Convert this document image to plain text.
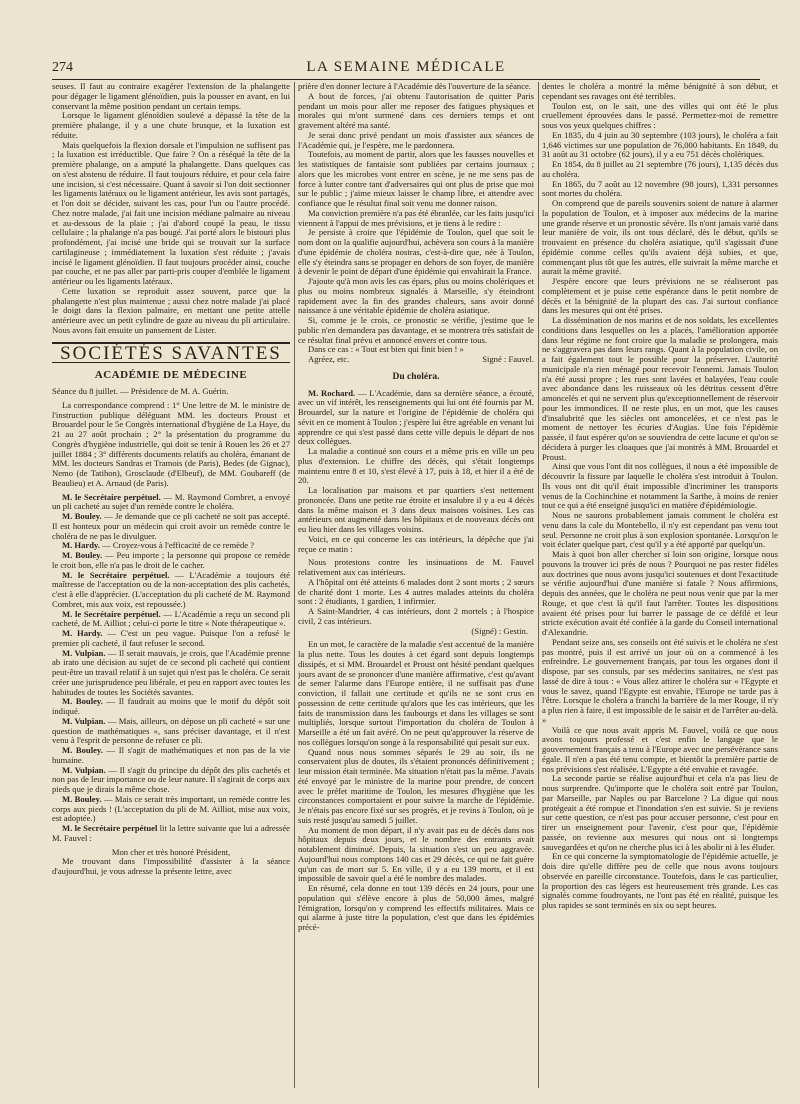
274	LA SEMAINE MÉDICALE

seuses. Il faut au contraire exagérer l'extension de la phalangette pour dégager le ligament glénoïdien, puis la pousser en avant, en lui conservant la même position pendant un certain temps.

Lorsque le ligament glénoïdien soulevé a dépassé la tête de la première phalange, il y a une chute brusque, et la luxation est réduite.

Mais quelquefois la flexion dorsale et l'impulsion ne suffisent pas ; la luxation est irréductible. Que faire ? On a réséqué la tête de la première phalange, on a amputé la phalangette. Dans quelques cas on s'est abstenu de réduire. Il faut toujours réduire, et pour cela faire une incision, si c'est nécessaire. Quant à savoir si l'on doit sectionner les ligaments latéraux ou le ligament antérieur, les avis sont partagés, et l'on doit se décider, suivant les cas, pour l'un ou l'autre procédé. Chez notre malade, j'ai fait une incision médiane palmaire au niveau et au-dessous de la plaie ; j'ai d'abord coupé la peau, le tissu cellulaire ; la phalange n'a pas bougé. J'ai porté alors le bistouri plus profondément, j'ai incisé une bride qui se trouvait sur la surface cartilagineuse ; immédiatement la luxation s'est réduite ; j'avais incisé le ligament glénoïdien. Il faut toujours procéder ainsi, couche par couche, et ne pas aller par parti-pris couper d'emblée le ligament antérieur ou les ligaments latéraux.

Cette luxation se reproduit assez souvent, parce que la phalangette n'est plus maintenue ; aussi chez notre malade j'ai placé le doigt dans la flexion palmaire, en mettant une petite attelle antérieure avec un petit cylindre de gaze au niveau du pli articulaire. Nous avons fait ensuite un pansement de Lister.

SOCIÉTÉS SAVANTES
ACADÉMIE DE MÉDECINE

Séance du 8 juillet. — Présidence de M. A. Guérin.

La correspondance comprend : 1° Une lettre de M. le ministre de l'instruction publique déléguant MM. les docteurs Proust et Brouardel pour le 5e Congrès international d'hygiène de La Haye, du 21 au 27 août prochain ; 2° la présentation du programme du Congrès d'hygiène industrielle, qui doit se tenir à Rouen les 26 et 27 juillet 1884 ; 3° différents documents relatifs au choléra, émanant de MM. les docteurs Sandras et Tramois (de Paris), Bedes (de Gignac), Nemo (de Tatihon), Grosclaude (d'Elbeuf), de MM. Goubareff (de Beaulieu) et A. Arnaud (de Paris).

M. le Secrétaire perpétuel. — M. Raymond Combret, a envoyé un pli cacheté au sujet d'un remède contre le choléra.

M. Bouley. — Je demande que ce pli cacheté ne soit pas accepté. Il est honteux pour un médecin qui croit avoir un remède contre le choléra de ne pas le divulguer.

M. Hardy. — Croyez-vous à l'efficacité de ce remède ?

M. Bouley. — Peu importe ; la personne qui propose ce remède le croit bon, elle n'a pas le droit de le cacher.

M. le Secrétaire perpétuel. — L'Académie a toujours été maîtresse de l'acceptation ou de la non-acceptation des plis cachetés, c'est à elle d'apprécier. (L'acceptation du pli cacheté de M. Raymond Combret, mis aux voix, est repoussée.)

M. le Secrétaire perpétuel. — L'Académie a reçu un second pli cacheté, de M. Ailliot ; celui-ci porte le titre « Note thérapeutique ».

M. Hardy. — C'est un peu vague. Puisque l'on a refusé le premier pli cacheté, il faut refuser le second.

M. Vulpian. — Il serait mauvais, je crois, que l'Académie prenne ab irato une décision au sujet de ce second pli cacheté qui contient peut-être un travail relatif à un sujet qui n'est pas le choléra. Ce serait créer une jurisprudence peu libérale, et peu en rapport avec toutes les habitudes de toutes les Sociétés savantes.

M. Bouley. — Il faudrait au moins que le motif du dépôt soit indiqué.

M. Vulpian. — Mais, ailleurs, on dépose un pli cacheté « sur une question de mathématiques », sans préciser davantage, et il n'est venu à l'esprit de personne de refuser ce pli.

M. Bouley. — Il s'agit de mathématiques et non pas de la vie humaine.

M. Vulpian. — Il s'agit du principe du dépôt des plis cachetés et non pas de leur importance ou de leur nature. Il s'agirait de corps aux pieds que je dirais la même chose.

M. Bouley. — Mais ce serait très important, un remède contre les corps aux pieds ! (L'acceptation du pli de M. Ailliot, mise aux voix, est adoptée.)

M. le Secrétaire perpétuel lit la lettre suivante que lui a adressée M. Fauvel :

Mon cher et très honoré Président,

Me trouvant dans l'impossibilité d'assister à la séance d'aujourd'hui, je vous adresse la présente lettre, avec

prière d'en donner lecture à l'Académie dès l'ouverture de la séance.

A bout de forces, j'ai obtenu l'autorisation de quitter Paris pendant un mois pour aller me reposer des fatigues physiques et morales qui m'ont surmené dans ces derniers temps et ont gravement altéré ma santé.

Je serai donc privé pendant un mois d'assister aux séances de l'Académie qui, je l'espère, me le pardonnera.

Toutefois, au moment de partir, alors que les fausses nouvelles et les statistiques de fantaisie sont publiées par certains journaux ; alors que les microbes vont entrer en scène, je ne me sens pas de force à lutter contre tant d'adversaires qui ont plus de prise que moi sur le public ; j'aime mieux laisser le champ libre, et attendre avec confiance que le résultat final soit venu me donner raison.

Ma conviction première n'a pas été ébranlée, car les faits jusqu'ici viennent à l'appui de mes prévisions, et je tiens à le redire :

Je persiste à croire que l'épidémie de Toulon, quel que soit le nom dont on la qualifie aujourd'hui, achèvera son cours à la manière d'une épidémie de choléra nostras, c'est-à-dire que, née à Toulon, elle s'y éteindra sans se propager en dehors de son foyer, de manière à devenir le point de départ d'une épidémie qui envahirait la France.

J'ajoute qu'à mon avis les cas épars, plus ou moins cholériques et plus ou moins nombreux signalés à Marseille, s'y éteindront rapidement avec la fin des grandes chaleurs, sans avoir donné naissance à une véritable épidémie de choléra asiatique.

Si, comme je le crois, ce pronostic se vérifie, j'estime que le public n'en demandera pas davantage, et se montrera très satisfait de ce résultat final prévu et annoncé envers et contre tous.

Dans ce cas : « Tout est bien qui finit bien ! »

Agréez, etc.	Signé : Fauvel.

Du choléra.

M. Rochard. — L'Académie, dans sa dernière séance, a écouté, avec un vif intérêt, les renseignements qui lui ont été fournis par M. Brouardel, sur la nature et l'origine de l'épidémie de choléra qui sévit en ce moment à Toulon ; j'espère lui être agréable en venant lui apprendre ce qui s'est passé dans cette ville depuis le départ de nos deux collègues.

La maladie a continué son cours et a même pris en ville un peu plus d'extension. Le chiffre des décès, qui s'était longtemps maintenu entre 8 et 10, s'est élevé à 17, puis à 18, et hier il a été de 20.

La localisation par maisons et par quartiers s'est nettement prononcée. Dans une petite rue étroite et insalubre il y a eu 4 décès dans la même maison et 3 dans deux maisons voisines. Les cas antérieurs ont augmenté dans les hôpitaux et de nouveaux décès ont eu lieu hier dans les villages voisins.

Voici, en ce qui concerne les cas intérieurs, la dépêche que j'ai reçue ce matin :

Nous protestons contre les insinuations de M. Fauvel relativement aux cas intérieurs.

A l'hôpital ont été atteints 6 malades dont 2 sont morts ; 2 sœurs de charité dont 1 morte. Les 4 autres malades atteints du choléra sont : 2 étudiants, 1 gardien, 1 infirmier.

A Saint-Mandrier, 4 cas intérieurs, dont 2 mortels ; à l'hospice civil, 2 cas intérieurs.

(Signé) : Gestin.

En un mot, le caractère de la maladie s'est accentué de la manière la plus nette. Tous les doutes à cet égard sont depuis longtemps dissipés, et si MM. Brouardel et Proust ont hésité pendant quelques jours avant de se prononcer d'une manière affirmative, c'est qu'avant de semer l'alarme dans l'Europe entière, il ne suffisait pas d'une conviction, il fallait une certitude et qu'ils ne se sont crus en possession de cette certitude qu'alors que les cas intérieurs, que les faits de transmission dans les faubourgs et dans les villages se sont multipliés, lorsque surtout l'importation du choléra de Toulon à Marseille a été un fait avéré. On ne peut qu'approuver la réserve de nos collègues lorsqu'on songe à la responsabilité qui pesait sur eux.

Quand nous nous sommes séparés le 29 au soir, ils ne conservaient plus de doutes, ils s'étaient prononcés définitivement ; leur mission était terminée. Ma situation n'était pas la même. J'avais été envoyé par le ministre de la marine pour prendre, de concert avec le préfet maritime de Toulon, les mesures d'hygiène que les circonstances comportaient et pour suivre la marche de l'épidémie. Je n'étais pas encore fixé sur ses progrès, et je revins à Toulon, où je suis resté jusqu'au samedi 5 juillet.

Au moment de mon départ, il n'y avait pas eu de décès dans nos hôpitaux depuis deux jours, et le nombre des entrants avait notablement diminué. Depuis, la situation s'est un peu aggravée. Aujourd'hui nous comptons 140 cas et 29 décès, ce qui ne fait guère qu'un cas de mort sur 5. En ville, il y a eu 139 morts, et il est impossible de savoir quel a été le nombre des malades.

En résumé, cela donne en tout 139 décès en 24 jours, pour une population qui s'élève encore à plus de 50,000 âmes, malgré l'émigration, lorsqu'on y comprend les effectifs militaires. Mais ce qui alarme à juste titre la population, c'est que dans les épidémies précé-

dentes le choléra a montré la même bénignité à son début, et cependant ses ravages ont été terribles.

Toulon est, on le sait, une des villes qui ont été le plus cruellement éprouvées dans le passé. Permettez-moi de remettre sous vos yeux quelques chiffres :

En 1835, du 4 juin au 30 septembre (103 jours), le choléra a fait 1,646 victimes sur une population de 76,000 habitants. En 1849, du 31 août au 31 octobre (62 jours), il y a eu 751 décès cholériques.

En 1854, du 8 juillet au 21 septembre (76 jours), 1,135 décès dus au choléra.

En 1865, du 7 août au 12 novembre (98 jours), 1,331 personnes sont mortes du choléra.

On comprend que de pareils souvenirs soient de nature à alarmer la population de Toulon, et à imposer aux médecins de la marine une grande réserve et un pronostic sévère. Ils n'ont jamais varié dans leur manière de voir, ils ont tous déclaré, dès le début, qu'ils se trouvaient en présence du choléra asiatique, qu'il s'agissait d'une épidémie comme celles qu'ils avaient déjà subies, et que, commençant plus tôt que les autres, elle suivrait la même marche et aurait la même gravité.

J'espère encore que leurs prévisions ne se réaliseront pas complètement et je puise cette espérance dans le petit nombre de décès et la bénignité de la plupart des cas. J'ai surtout confiance dans les mesures qui ont été prises.

La dissémination de nos marins et de nos soldats, les excellentes conditions dans lesquelles on les a placés, l'amélioration apportée dans leur régime ne font croire que la maladie se prolongera, mais ne s'aggravera pas dans leurs rangs. Quant à la population civile, on a fait également tout le possible pour la préserver. L'autorité municipale n'a rien ménagé pour recevoir l'ennemi. Jamais Toulon n'a été aussi propre ; les rues sont lavées et balayées, l'eau coule avec abondance dans les ruisseaux où les détritus cessent d'être amoncelés et qui ne servent plus qu'exceptionnellement de réservoir pour les immondices. Il ne reste plus, en un mot, que les causes d'insalubrité que les siècles ont amoncelées, et ce n'est pas le moment de nettoyer les écuries d'Augias. Une fois l'épidémie passée, il faut espérer qu'on se souviendra de cette lacune et qu'on se décidera à purger les cloaques que j'ai montrés à MM. Brouardel et Proust.

Ainsi que vous l'ont dit nos collègues, il nous a été impossible de découvrir la fissure par laquelle le choléra s'est introduit à Toulon. Ils vous ont dit qu'il était impossible d'incriminer les transports venus de la Cochinchine et notamment la Sarthe, à moins de renier tout ce qui a été enseigné jusqu'ici en matière d'épidémiologie.

Nous ne saurons probablement jamais comment le choléra est venu dans la cale du Montebello, il n'y est cependant pas venu tout seul. Personne ne croit plus à son explosion spontanée. Lorsqu'on le voit éclater quelque part, c'est qu'il y a été apporté par quelqu'un.

Mais à quoi bon aller chercher si loin son origine, lorsque nous pouvons la trouver ici près de nous ? Pourquoi ne pas rester fidèles aux doctrines que nous avons jusqu'ici soutenues et dont l'exactitude se vérifie aujourd'hui d'une manière si fatale ? Nous affirmions, depuis des années, que le choléra ne peut nous venir que par la mer Rouge, et que c'est là qu'il faut l'arrêter. Toutes les dispositions avaient été prises pour lui barrer le passage de ce défilé et leur stricte exécution avait été confiée à la garde du Conseil international d'Alexandrie.

Pendant seize ans, ses conseils ont été suivis et le choléra ne s'est pas montré, puis il est arrivé un jour où on a commencé à les enfreindre. Le gouvernement français, par tous les organes dont il dispose, par ses consuls, par ses médecins sanitaires, ne s'est pas lassé de dire à tous : « Vous allez attirer le choléra sur « l'Egypte et vous le savez, quand l'Egypte est envahie, l'Europe ne tarde pas à l'être. Lorsque le choléra a franchi la barrière de la mer Rouge, il n'y a plus rien à faire, il est impossible de le saisir et de l'arrêter au-delà. »

Voilà ce que nous avait appris M. Fauvel, voilà ce que nous avons toujours professé et c'est enfin le langage que le gouvernement français a tenu à l'Europe avec une persévérance sans égale. Il n'en a pas été tenu compte, et bientôt la première partie de nos prévisions s'est réalisée. L'Egypte a été envahie et ravagée.

La seconde partie se réalise aujourd'hui et cela n'a pas lieu de nous surprendre. Qu'importe que le choléra soit entré par Toulon, par Marseille, par Naples ou par Barcelone ? La digue qui nous protégeait a été rompue et l'inondation s'en est suivie. Si je reviens sur cette question, ce n'est pas pour accuser personne, c'est pour en tirer un enseignement pour l'avenir, c'est pour que, l'épidémie passée, on revienne aux mesures qui nous ont si longtemps sauvegardées et qu'on ne cherche plus ici à les abolir ni à les éluder.

En ce qui concerne la symptomatologie de l'épidémie actuelle, je dois dire qu'elle diffère peu de celle que nous avons toujours observée en pareille circonstance. Toutefois, dans le cas particulier, la proportion des cas légers est heureusement très grande. Les cas signalés comme foudroyants, ne l'ont pas été en réalité, puisque les plus rapides se sont terminés en six ou sept heures.
